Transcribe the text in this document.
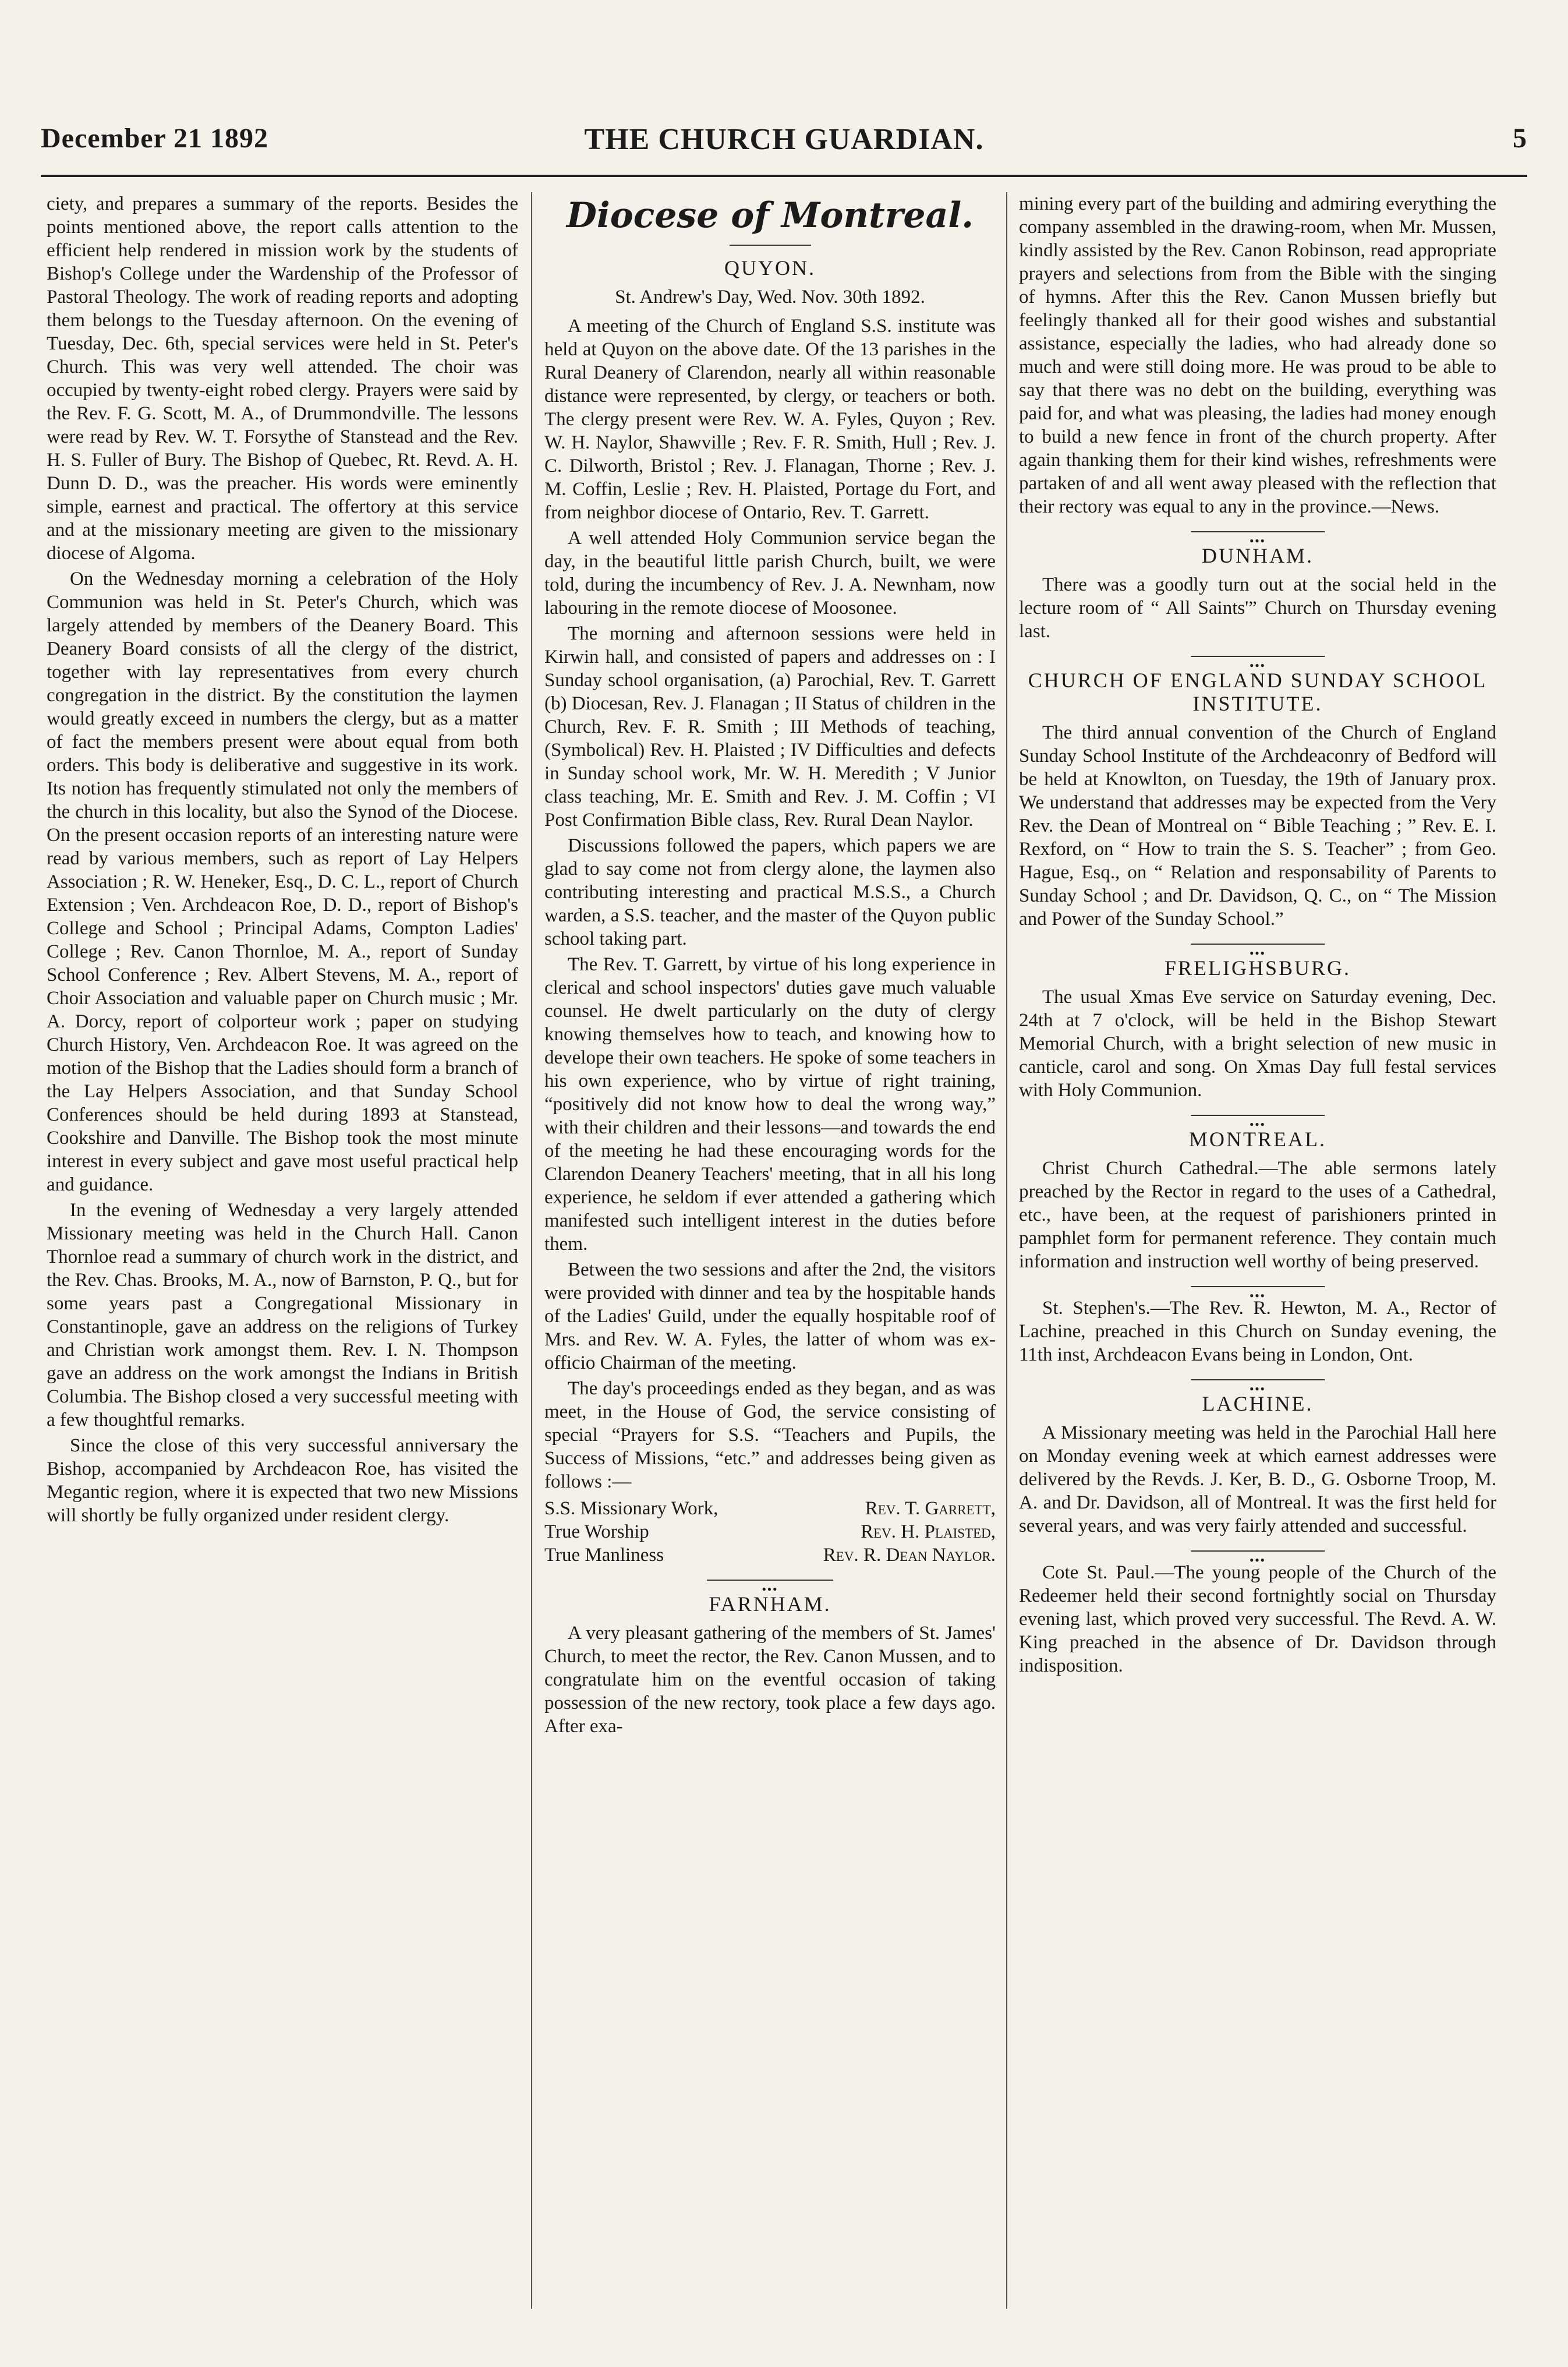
December 21 1892	THE CHURCH GUARDIAN.	5

ciety, and prepares a summary of the reports. Besides the points mentioned above, the report calls attention to the efficient help rendered in mission work by the students of Bishop's College under the Wardenship of the Professor of Pastoral Theology. The work of reading reports and adopting them belongs to the Tuesday afternoon. On the evening of Tuesday, Dec. 6th, special services were held in St. Peter's Church. This was very well attended. The choir was occupied by twenty-eight robed clergy. Prayers were said by the Rev. F. G. Scott, M. A., of Drummondville. The lessons were read by Rev. W. T. Forsythe of Stanstead and the Rev. H. S. Fuller of Bury. The Bishop of Quebec, Rt. Revd. A. H. Dunn D. D., was the preacher. His words were eminently simple, earnest and practical. The offertory at this service and at the missionary meeting are given to the missionary diocese of Algoma.

On the Wednesday morning a celebration of the Holy Communion was held in St. Peter's Church, which was largely attended by members of the Deanery Board. This Deanery Board consists of all the clergy of the district, together with lay representatives from every church congregation in the district. By the constitution the laymen would greatly exceed in numbers the clergy, but as a matter of fact the members present were about equal from both orders. This body is deliberative and suggestive in its work. Its notion has frequently stimulated not only the members of the church in this locality, but also the Synod of the Diocese. On the present occasion reports of an interesting nature were read by various members, such as report of Lay Helpers Association ; R. W. Heneker, Esq., D. C. L., report of Church Extension ; Ven. Archdeacon Roe, D. D., report of Bishop's College and School ; Principal Adams, Compton Ladies' College ; Rev. Canon Thornloe, M. A., report of Sunday School Conference ; Rev. Albert Stevens, M. A., report of Choir Association and valuable paper on Church music ; Mr. A. Dorcy, report of colporteur work ; paper on studying Church History, Ven. Archdeacon Roe. It was agreed on the motion of the Bishop that the Ladies should form a branch of the Lay Helpers Association, and that Sunday School Conferences should be held during 1893 at Stanstead, Cookshire and Danville. The Bishop took the most minute interest in every subject and gave most useful practical help and guidance.

In the evening of Wednesday a very largely attended Missionary meeting was held in the Church Hall. Canon Thornloe read a summary of church work in the district, and the Rev. Chas. Brooks, M. A., now of Barnston, P. Q., but for some years past a Congregational Missionary in Constantinople, gave an address on the religions of Turkey and Christian work amongst them. Rev. I. N. Thompson gave an address on the work amongst the Indians in British Columbia. The Bishop closed a very successful meeting with a few thoughtful remarks.

Since the close of this very successful anniversary the Bishop, accompanied by Archdeacon Roe, has visited the Megantic region, where it is expected that two new Missions will shortly be fully organized under resident clergy.

Diocese of Montreal.
QUYON.
St. Andrew's Day, Wed. Nov. 30th 1892.

A meeting of the Church of England S.S. institute was held at Quyon on the above date. Of the 13 parishes in the Rural Deanery of Clarendon, nearly all within reasonable distance were represented, by clergy, or teachers or both. The clergy present were Rev. W. A. Fyles, Quyon ; Rev. W. H. Naylor, Shawville ; Rev. F. R. Smith, Hull ; Rev. J. C. Dilworth, Bristol ; Rev. J. Flanagan, Thorne ; Rev. J. M. Coffin, Leslie ; Rev. H. Plaisted, Portage du Fort, and from neighbor diocese of Ontario, Rev. T. Garrett.

A well attended Holy Communion service began the day, in the beautiful little parish Church, built, we were told, during the incumbency of Rev. J. A. Newnham, now labouring in the remote diocese of Moosonee.

The morning and afternoon sessions were held in Kirwin hall, and consisted of papers and addresses on : I Sunday school organisation, (a) Parochial, Rev. T. Garrett (b) Diocesan, Rev. J. Flanagan ; II Status of children in the Church, Rev. F. R. Smith ; III Methods of teaching, (Symbolical) Rev. H. Plaisted ; IV Difficulties and defects in Sunday school work, Mr. W. H. Meredith ; V Junior class teaching, Mr. E. Smith and Rev. J. M. Coffin ; VI Post Confirmation Bible class, Rev. Rural Dean Naylor.

Discussions followed the papers, which papers we are glad to say come not from clergy alone, the laymen also contributing interesting and practical M.S.S., a Church warden, a S.S. teacher, and the master of the Quyon public school taking part.

The Rev. T. Garrett, by virtue of his long experience in clerical and school inspectors' duties gave much valuable counsel. He dwelt particularly on the duty of clergy knowing themselves how to teach, and knowing how to develope their own teachers. He spoke of some teachers in his own experience, who by virtue of right training, “positively did not know how to deal the wrong way,” with their children and their lessons—and towards the end of the meeting he had these encouraging words for the Clarendon Deanery Teachers' meeting, that in all his long experience, he seldom if ever attended a gathering which manifested such intelligent interest in the duties before them.

Between the two sessions and after the 2nd, the visitors were provided with dinner and tea by the hospitable hands of the Ladies' Guild, under the equally hospitable roof of Mrs. and Rev. W. A. Fyles, the latter of whom was ex-officio Chairman of the meeting.

The day's proceedings ended as they began, and as was meet, in the House of God, the service consisting of special “Prayers for S.S. “Teachers and Pupils, the Success of Missions, “etc.” and addresses being given as follows :—

S.S. Missionary Work,	Rev. T. Garrett,
True Worship	Rev. H. Plaisted,
True Manliness	Rev. R. Dean Naylor.
●●●
FARNHAM.

A very pleasant gathering of the members of St. James' Church, to meet the rector, the Rev. Canon Mussen, and to congratulate him on the eventful occasion of taking possession of the new rectory, took place a few days ago. After exa-

mining every part of the building and admiring everything the company assembled in the drawing-room, when Mr. Mussen, kindly assisted by the Rev. Canon Robinson, read appropriate prayers and selections from from the Bible with the singing of hymns. After this the Rev. Canon Mussen briefly but feelingly thanked all for their good wishes and substantial assistance, especially the ladies, who had already done so much and were still doing more. He was proud to be able to say that there was no debt on the building, everything was paid for, and what was pleasing, the ladies had money enough to build a new fence in front of the church property. After again thanking them for their kind wishes, refreshments were partaken of and all went away pleased with the reflection that their rectory was equal to any in the province.—News.

●●●
DUNHAM.

There was a goodly turn out at the social held in the lecture room of “ All Saints'” Church on Thursday evening last.

●●●
CHURCH OF ENGLAND SUNDAY SCHOOL INSTITUTE.

The third annual convention of the Church of England Sunday School Institute of the Archdeaconry of Bedford will be held at Knowlton, on Tuesday, the 19th of January prox. We understand that addresses may be expected from the Very Rev. the Dean of Montreal on “ Bible Teaching ; ” Rev. E. I. Rexford, on “ How to train the S. S. Teacher” ; from Geo. Hague, Esq., on “ Relation and responsability of Parents to Sunday School ; and Dr. Davidson, Q. C., on “ The Mission and Power of the Sunday School.”

●●●
FRELIGHSBURG.

The usual Xmas Eve service on Saturday evening, Dec. 24th at 7 o'clock, will be held in the Bishop Stewart Memorial Church, with a bright selection of new music in canticle, carol and song. On Xmas Day full festal services with Holy Communion.

●●●
MONTREAL.

Christ Church Cathedral.—The able sermons lately preached by the Rector in regard to the uses of a Cathedral, etc., have been, at the request of parishioners printed in pamphlet form for permanent reference. They contain much information and instruction well worthy of being preserved.

●●●

St. Stephen's.—The Rev. R. Hewton, M. A., Rector of Lachine, preached in this Church on Sunday evening, the 11th inst, Archdeacon Evans being in London, Ont.

●●●
LACHINE.

A Missionary meeting was held in the Parochial Hall here on Monday evening week at which earnest addresses were delivered by the Revds. J. Ker, B. D., G. Osborne Troop, M. A. and Dr. Davidson, all of Montreal. It was the first held for several years, and was very fairly attended and successful.

●●●

Cote St. Paul.—The young people of the Church of the Redeemer held their second fortnightly social on Thursday evening last, which proved very successful. The Revd. A. W. King preached in the absence of Dr. Davidson through indisposition.
